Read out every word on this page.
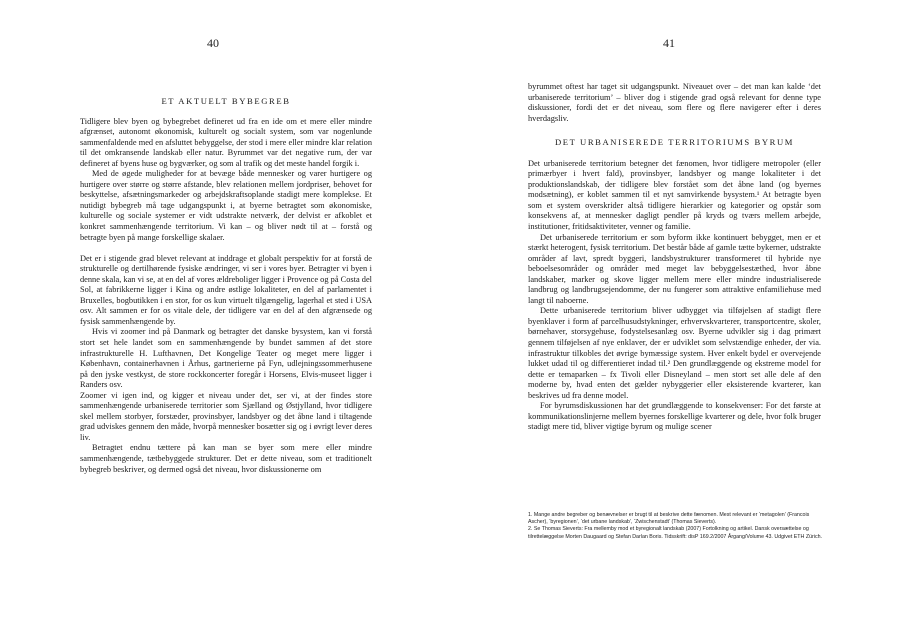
40
ET AKTUELT BYBEGREB

Tidligere blev byen og bybegrebet defineret ud fra en ide om et mere eller mindre afgrænset, autonomt økonomisk, kulturelt og socialt system, som var nogenlunde sammenfaldende med en afsluttet bebyggelse, der stod i mere eller mindre klar relation til det omkransende landskab eller natur. Byrummet var det negative rum, der var defineret af byens huse og bygværker, og som al trafik og det meste handel forgik i.

Med de øgede muligheder for at bevæge både mennesker og varer hurtigere og hurtigere over større og større afstande, blev relationen mellem jordpriser, behovet for beskyttelse, afsætningsmarkeder og arbejdskraftsoplande stadigt mere komplekse. Et nutidigt bybegreb må tage udgangspunkt i, at byerne betragtet som økonomiske, kulturelle og sociale systemer er vidt udstrakte netværk, der delvist er afkoblet et konkret sammenhængende territorium. Vi kan – og bliver nødt til at – forstå og betragte byen på mange forskellige skalaer.

Det er i stigende grad blevet relevant at inddrage et globalt perspektiv for at forstå de strukturelle og dertilhørende fysiske ændringer, vi ser i vores byer. Betragter vi byen i denne skala, kan vi se, at en del af vores ældreboliger ligger i Provence og på Costa del Sol, at fabrikkerne ligger i Kina og andre østlige lokaliteter, en del af parlamentet i Bruxelles, bogbutikken i en stor, for os kun virtuelt tilgængelig, lagerhal et sted i USA osv. Alt sammen er for os vitale dele, der tidligere var en del af den afgrænsede og fysisk sammenhængende by.

Hvis vi zoomer ind på Danmark og betragter det danske bysystem, kan vi forstå stort set hele landet som en sammenhængende by bundet sammen af det store infrastrukturelle H. Lufthavnen, Det Kongelige Teater og meget mere ligger i København, containerhavnen i Århus, gartnerierne på Fyn, udlejningssommerhusene på den jyske vestkyst, de store rockkoncerter foregår i Horsens, Elvis-museet ligger i Randers osv.

Zoomer vi igen ind, og kigger et niveau under det, ser vi, at der findes store sammenhængende urbaniserede territorier som Sjælland og Østjylland, hvor tidligere skel mellem storbyer, forstæder, provinsbyer, landsbyer og det åbne land i tiltagende grad udviskes gennem den måde, hvorpå mennesker bosætter sig og i øvrigt lever deres liv.

Betragtet endnu tættere på kan man se byer som mere eller mindre sammenhængende, tætbebyggede strukturer. Det er dette niveau, som et traditionelt bybegreb beskriver, og dermed også det niveau, hvor diskussionerne om

41

byrummet oftest har taget sit udgangspunkt. Niveauet over – det man kan kalde ‘det urbaniserede territorium’ – bliver dog i stigende grad også relevant for denne type diskussioner, fordi det er det niveau, som flere og flere navigerer efter i deres hverdagsliv.

DET URBANISEREDE TERRITORIUMS BYRUM

Det urbaniserede territorium betegner det fænomen, hvor tidligere metropoler (eller primærbyer i hvert fald), provinsbyer, landsbyer og mange lokaliteter i det produktionslandskab, der tidligere blev forstået som det åbne land (og byernes modsætning), er koblet sammen til et nyt samvirkende bysystem.¹ At betragte byen som et system overskrider altså tidligere hierarkier og kategorier og opstår som konsekvens af, at mennesker dagligt pendler på kryds og tværs mellem arbejde, institutioner, fritidsaktiviteter, venner og familie.

Det urbaniserede territorium er som byform ikke kontinuert bebygget, men er et stærkt heterogent, fysisk territorium. Det består både af gamle tætte bykerner, udstrakte områder af lavt, spredt byggeri, landsbystrukturer transformeret til hybride nye beboelsesområder og områder med meget lav bebyggelsestæthed, hvor åbne landskaber, marker og skove ligger mellem mere eller mindre industrialiserede landbrug og landbrugsejendomme, der nu fungerer som attraktive enfamiliehuse med langt til naboerne.

Dette urbaniserede territorium bliver udbygget via tilføjelsen af stadigt flere byenklaver i form af parcelhusudstykninger, erhvervskvarterer, transportcentre, skoler, børnehaver, storsygehuse, fodystelsesanlæg osv. Byerne udvikler sig i dag primært gennem tilføjelsen af nye enklaver, der er udviklet som selvstændige enheder, der via. infrastruktur tilkobles det øvrige bymæssige system. Hver enkelt bydel er overvejende lukket udad til og differentieret indad til.² Den grundlæggende og ekstreme model for dette er temaparken – fx Tivoli eller Disneyland – men stort set alle dele af den moderne by, hvad enten det gælder nybyggerier eller eksisterende kvarterer, kan beskrives ud fra denne model.

For byrumsdiskussionen har det grundlæggende to konsekvenser: For det første at kommunikationslinjerne mellem byernes forskellige kvarterer og dele, hvor folk bruger stadigt mere tid, bliver vigtige byrum og mulige scener

1. Mange andre begreber og benævnelser er brugt til at beskrive dette fænomen. Mest relevant er ‘metagolen’ (Francois Ascher), ‘byregionen’, ‘det urbane landskab’, ‘Zwischenstadt’ (Thomas Sieverts).

2. Se Thomas Sieverts: Fra mellemby mod et byregionalt landskab (2007) Fortolkning og artikel. Dansk oversættelse og tilrettelæggelse Morten Daugaard og Stefan Darlan Boris. Tidsskrift: disP 169.2/2007 Årgang/Volume 43. Udgivet ETH Zürich.
